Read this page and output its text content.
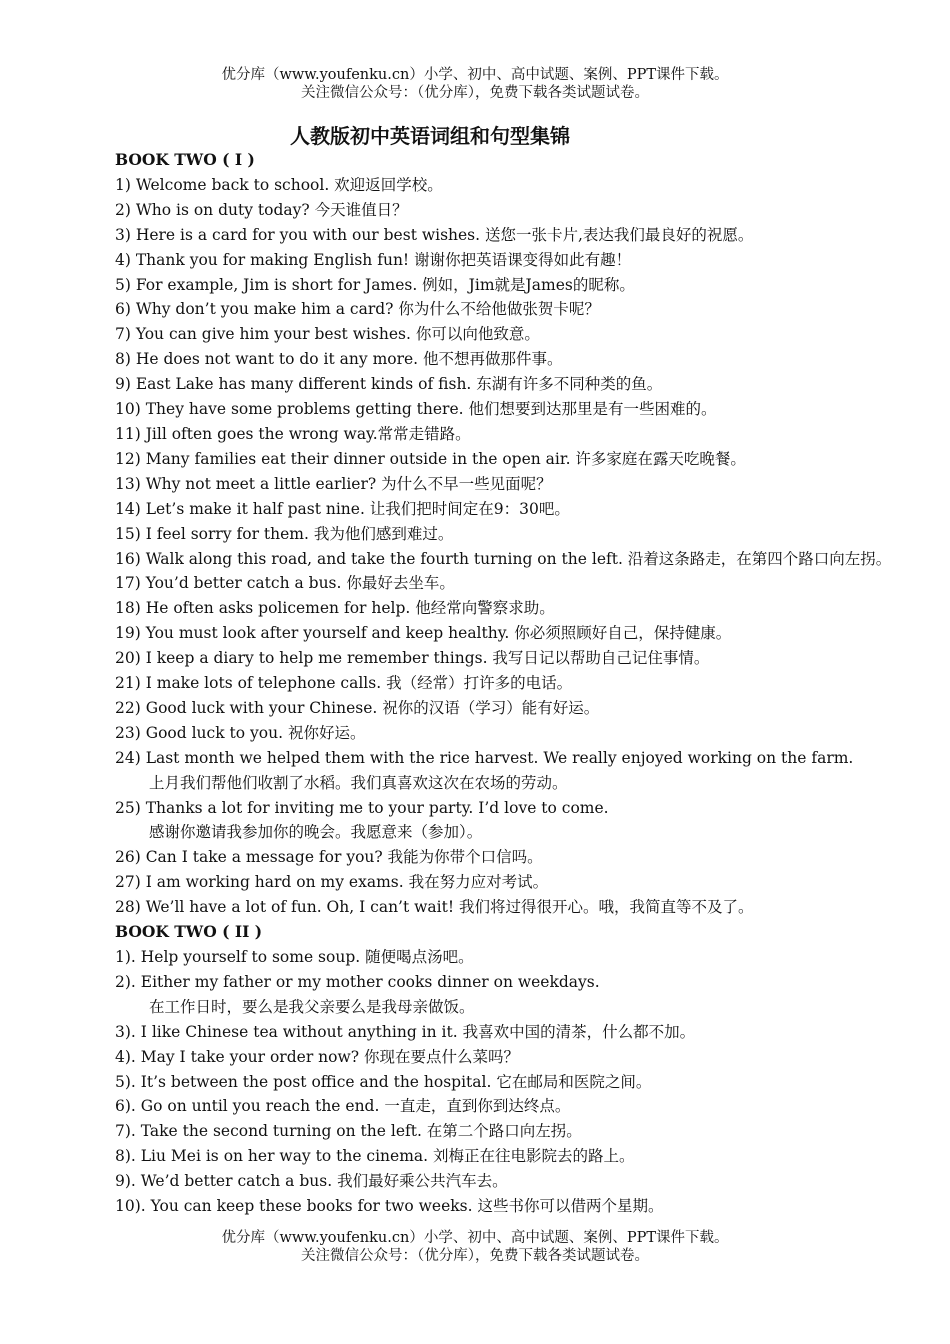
优分库（www.youfenku.cn）小学、初中、高中试题、案例、PPT课件下载。
关注微信公众号：（优分库），免费下载各类试题试卷。
人教版初中英语词组和句型集锦
BOOK TWO ( I )
1) Welcome back to school. 欢迎返回学校。
2) Who is on duty today? 今天谁值日？
3) Here is a card for you with our best wishes. 送您一张卡片,表达我们最良好的祝愿。
4) Thank you for making English fun! 谢谢你把英语课变得如此有趣！
5) For example, Jim is short for James. 例如，Jim就是James的昵称。
6) Why don’t you make him a card? 你为什么不给他做张贺卡呢？
7) You can give him your best wishes. 你可以向他致意。
8) He does not want to do it any more. 他不想再做那件事。
9) East Lake has many different kinds of fish. 东湖有许多不同种类的鱼。
10) They have some problems getting there. 他们想要到达那里是有一些困难的。
11) Jill often goes the wrong way.常常走错路。
12) Many families eat their dinner outside in the open air. 许多家庭在露天吃晚餐。
13) Why not meet a little earlier? 为什么不早一些见面呢？
14) Let’s make it half past nine. 让我们把时间定在9：30吧。
15) I feel sorry for them. 我为他们感到难过。
16) Walk along this road, and take the fourth turning on the left. 沿着这条路走，在第四个路口向左拐。
17) You’d better catch a bus. 你最好去坐车。
18) He often asks policemen for help. 他经常向警察求助。
19) You must look after yourself and keep healthy. 你必须照顾好自己，保持健康。
20) I keep a diary to help me remember things. 我写日记以帮助自己记住事情。
21) I make lots of telephone calls. 我（经常）打许多的电话。
22) Good luck with your Chinese. 祝你的汉语（学习）能有好运。
23) Good luck to you. 祝你好运。
24) Last month we helped them with the rice harvest. We really enjoyed working on the farm.
上月我们帮他们收割了水稻。我们真喜欢这次在农场的劳动。
25) Thanks a lot for inviting me to your party. I’d love to come.
感谢你邀请我参加你的晚会。我愿意来（参加）。
26) Can I take a message for you? 我能为你带个口信吗。
27) I am working hard on my exams. 我在努力应对考试。
28) We’ll have a lot of fun. Oh, I can’t wait! 我们将过得很开心。哦，我简直等不及了。
BOOK TWO ( II )
1). Help yourself to some soup. 随便喝点汤吧。
2). Either my father or my mother cooks dinner on weekdays.
在工作日时，要么是我父亲要么是我母亲做饭。
3). I like Chinese tea without anything in it. 我喜欢中国的清茶，什么都不加。
4). May I take your order now? 你现在要点什么菜吗？
5). It’s between the post office and the hospital. 它在邮局和医院之间。
6). Go on until you reach the end. 一直走，直到你到达终点。
7). Take the second turning on the left. 在第二个路口向左拐。
8). Liu Mei is on her way to the cinema. 刘梅正在往电影院去的路上。
9). We’d better catch a bus. 我们最好乘公共汽车去。
10). You can keep these books for two weeks. 这些书你可以借两个星期。
优分库（www.youfenku.cn）小学、初中、高中试题、案例、PPT课件下载。
关注微信公众号：（优分库），免费下载各类试题试卷。
